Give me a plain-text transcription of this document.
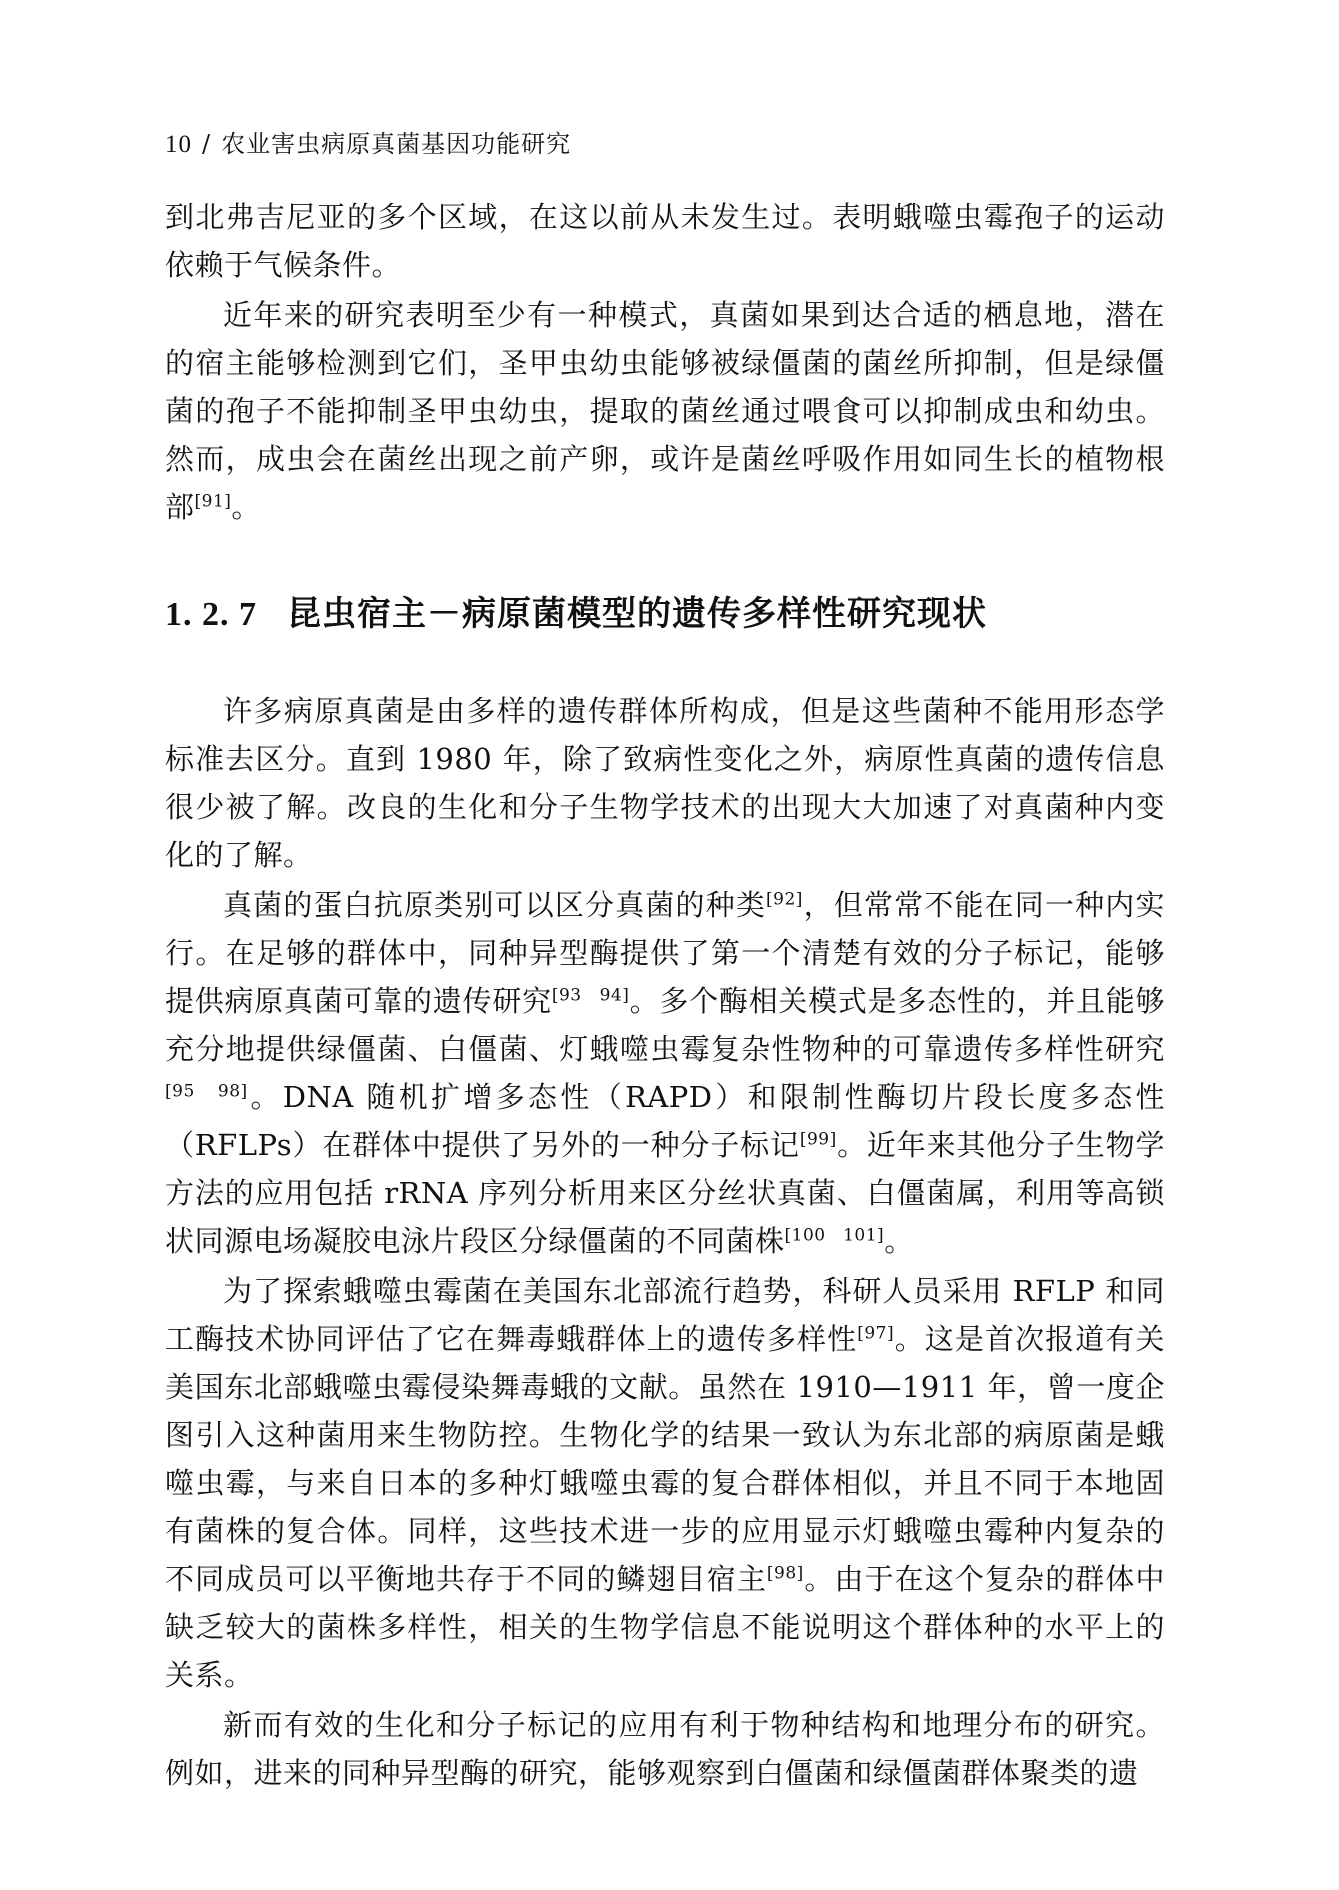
10 / 农业害虫病原真菌基因功能研究

到北弗吉尼亚的多个区域，在这以前从未发生过。表明蛾噬虫霉孢子的运动依赖于气候条件。

近年来的研究表明至少有一种模式，真菌如果到达合适的栖息地，潜在的宿主能够检测到它们，圣甲虫幼虫能够被绿僵菌的菌丝所抑制，但是绿僵菌的孢子不能抑制圣甲虫幼虫，提取的菌丝通过喂食可以抑制成虫和幼虫。然而，成虫会在菌丝出现之前产卵，或许是菌丝呼吸作用如同生长的植物根部[91]。

1. 2. 7 昆虫宿主－病原菌模型的遗传多样性研究现状

许多病原真菌是由多样的遗传群体所构成，但是这些菌种不能用形态学标准去区分。直到 1980 年，除了致病性变化之外，病原性真菌的遗传信息很少被了解。改良的生化和分子生物学技术的出现大大加速了对真菌种内变化的了解。

真菌的蛋白抗原类别可以区分真菌的种类[92]，但常常不能在同一种内实行。在足够的群体中，同种异型酶提供了第一个清楚有效的分子标记，能够提供病原真菌可靠的遗传研究[93　94]。多个酶相关模式是多态性的，并且能够充分地提供绿僵菌、白僵菌、灯蛾噬虫霉复杂性物种的可靠遗传多样性研究[95　98]。DNA 随机扩增多态性（RAPD）和限制性酶切片段长度多态性（RFLPs）在群体中提供了另外的一种分子标记[99]。近年来其他分子生物学方法的应用包括 rRNA 序列分析用来区分丝状真菌、白僵菌属，利用等高锁状同源电场凝胶电泳片段区分绿僵菌的不同菌株[100　101]。

为了探索蛾噬虫霉菌在美国东北部流行趋势，科研人员采用 RFLP 和同工酶技术协同评估了它在舞毒蛾群体上的遗传多样性[97]。这是首次报道有关美国东北部蛾噬虫霉侵染舞毒蛾的文献。虽然在 1910—1911 年，曾一度企图引入这种菌用来生物防控。生物化学的结果一致认为东北部的病原菌是蛾噬虫霉，与来自日本的多种灯蛾噬虫霉的复合群体相似，并且不同于本地固有菌株的复合体。同样，这些技术进一步的应用显示灯蛾噬虫霉种内复杂的不同成员可以平衡地共存于不同的鳞翅目宿主[98]。由于在这个复杂的群体中缺乏较大的菌株多样性，相关的生物学信息不能说明这个群体种的水平上的关系。

新而有效的生化和分子标记的应用有利于物种结构和地理分布的研究。例如，进来的同种异型酶的研究，能够观察到白僵菌和绿僵菌群体聚类的遗
